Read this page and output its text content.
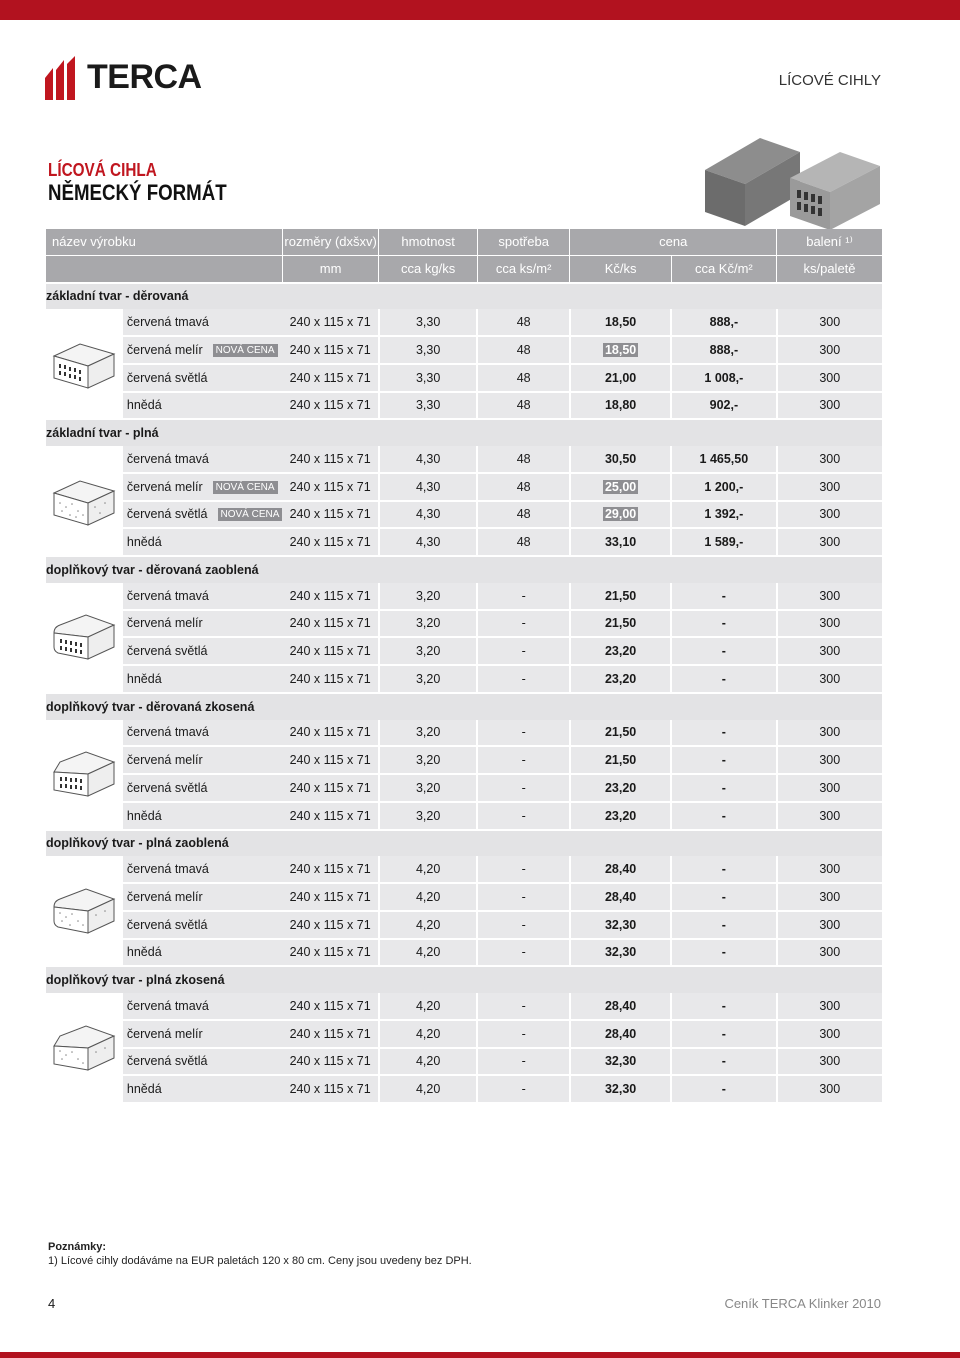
TERCA	LÍCOVÉ CIHLY
LÍCOVÁ CIHLA
NĚMECKÝ FORMÁT
název výrobku		rozměry (dxšxv)	hmotnost	spotřeba	cena		balení ¹⁾
		mm	cca kg/ks	cca ks/m²	Kč/ks	cca Kč/m²	ks/paletě
základní tvar - děrovaná							

	červená tmavá	240 x 115 x 71	3,30	48	18,50	888,-	300
	červená melír NOVÁ CENA	240 x 115 x 71	3,30	48	18,50	888,-	300
	červená světlá	240 x 115 x 71	3,30	48	21,00	1 008,-	300
	hnědá	240 x 115 x 71	3,30	48	18,80	902,-	300
základní tvar - plná							

	červená tmavá	240 x 115 x 71	4,30	48	30,50	1 465,50	300
	červená melír NOVÁ CENA	240 x 115 x 71	4,30	48	25,00	1 200,-	300
	červená světlá NOVÁ CENA	240 x 115 x 71	4,30	48	29,00	1 392,-	300
	hnědá	240 x 115 x 71	4,30	48	33,10	1 589,-	300
doplňkový tvar - děrovaná zaoblená							

	červená tmavá	240 x 115 x 71	3,20	-	21,50	-	300
	červená melír	240 x 115 x 71	3,20	-	21,50	-	300
	červená světlá	240 x 115 x 71	3,20	-	23,20	-	300
	hnědá	240 x 115 x 71	3,20	-	23,20	-	300
doplňkový tvar - děrovaná zkosená							

	červená tmavá	240 x 115 x 71	3,20	-	21,50	-	300
	červená melír	240 x 115 x 71	3,20	-	21,50	-	300
	červená světlá	240 x 115 x 71	3,20	-	23,20	-	300
	hnědá	240 x 115 x 71	3,20	-	23,20	-	300
doplňkový tvar - plná zaoblená							

	červená tmavá	240 x 115 x 71	4,20	-	28,40	-	300
	červená melír	240 x 115 x 71	4,20	-	28,40	-	300
	červená světlá	240 x 115 x 71	4,20	-	32,30	-	300
	hnědá	240 x 115 x 71	4,20	-	32,30	-	300
doplňkový tvar - plná zkosená							

	červená tmavá	240 x 115 x 71	4,20	-	28,40	-	300
	červená melír	240 x 115 x 71	4,20	-	28,40	-	300
	červená světlá	240 x 115 x 71	4,20	-	32,30	-	300
	hnědá	240 x 115 x 71	4,20	-	32,30	-	300
Poznámky:
1) Lícové cihly dodáváme na EUR paletách 120 x 80 cm. Ceny jsou uvedeny bez DPH.
4	Ceník TERCA Klinker 2010
